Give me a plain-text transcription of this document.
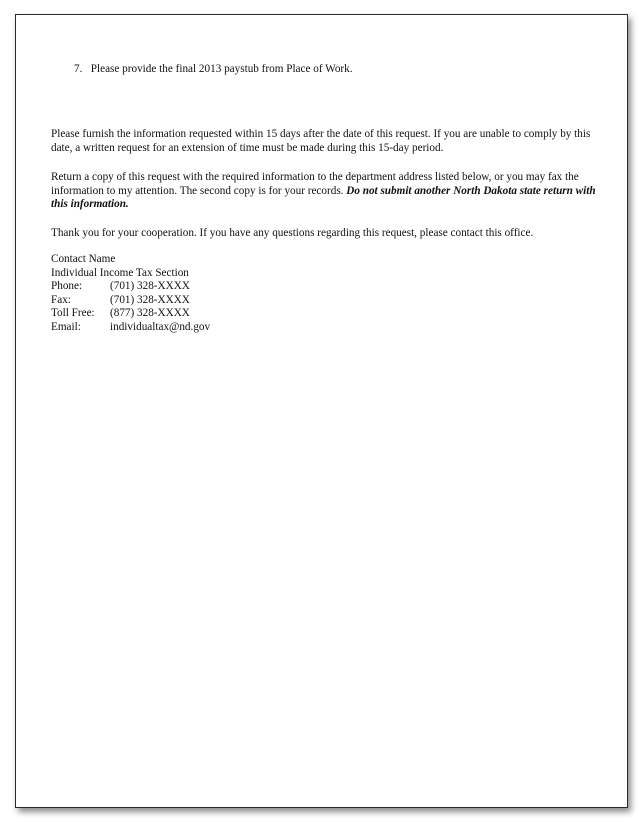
7. Please provide the final 2013 paystub from Place of Work.

Please furnish the information requested within 15 days after the date of this request. If you are unable to comply by this date, a written request for an extension of time must be made during this 15-day period.

Return a copy of this request with the required information to the department address listed below, or you may fax the information to my attention. The second copy is for your records. Do not submit another North Dakota state return with this information.

Thank you for your cooperation. If you have any questions regarding this request, please contact this office.

Contact Name
Individual Income Tax Section
Phone: (701) 328-XXXX
Fax:	(701) 328-XXXX
Toll Free: (877) 328-XXXX
Email:	individualtax@nd.gov
